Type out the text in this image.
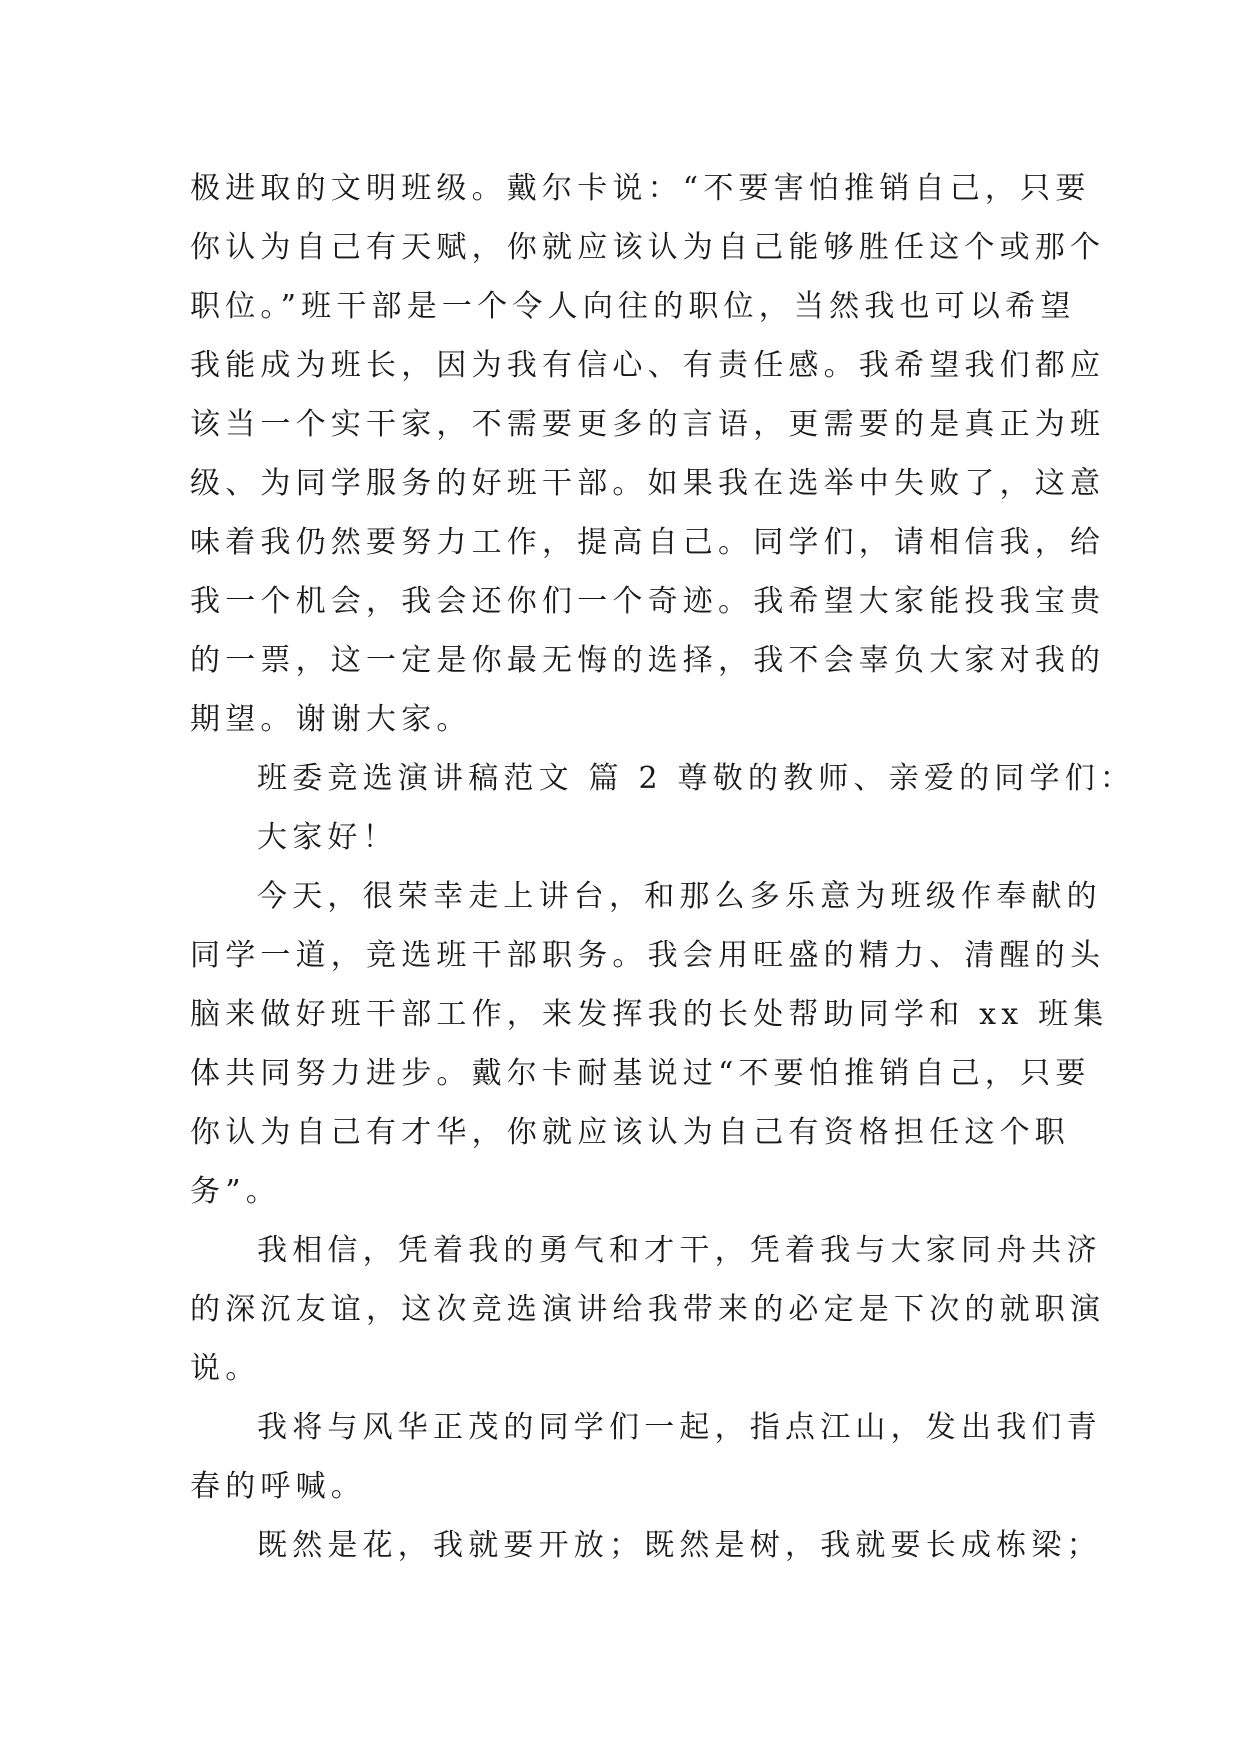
极进取的文明班级。戴尔卡说：“不要害怕推销自己，只要
你认为自己有天赋，你就应该认为自己能够胜任这个或那个
职位。”班干部是一个令人向往的职位，当然我也可以希望
我能成为班长，因为我有信心、有责任感。我希望我们都应
该当一个实干家，不需要更多的言语，更需要的是真正为班
级、为同学服务的好班干部。如果我在选举中失败了，这意
味着我仍然要努力工作，提高自己。同学们，请相信我，给
我一个机会，我会还你们一个奇迹。我希望大家能投我宝贵
的一票，这一定是你最无悔的选择，我不会辜负大家对我的
期望。谢谢大家。
班委竞选演讲稿范文 篇 2 尊敬的教师、亲爱的同学们：
大家好！
今天，很荣幸走上讲台，和那么多乐意为班级作奉献的
同学一道，竞选班干部职务。我会用旺盛的精力、清醒的头
脑来做好班干部工作，来发挥我的长处帮助同学和 xx 班集
体共同努力进步。戴尔卡耐基说过“不要怕推销自己，只要
你认为自己有才华，你就应该认为自己有资格担任这个职
务”。
我相信，凭着我的勇气和才干，凭着我与大家同舟共济
的深沉友谊，这次竞选演讲给我带来的必定是下次的就职演
说。
我将与风华正茂的同学们一起，指点江山，发出我们青
春的呼喊。
既然是花，我就要开放；既然是树，我就要长成栋梁；
